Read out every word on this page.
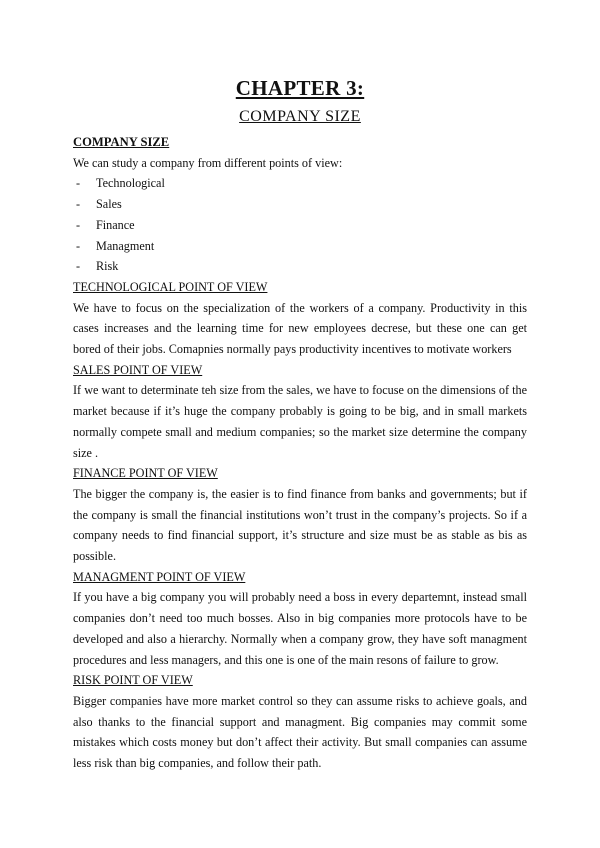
CHAPTER 3:
COMPANY SIZE
COMPANY SIZE
We can study a company from different points of view:
-	Technological
-	Sales
-	Finance
-	Managment
-	Risk
TECHNOLOGICAL POINT OF VIEW

We have to focus on the specialization of the workers of a company. Productivity in this cases increases and the learning time for new employees decrese, but these one can get bored of their jobs. Comapnies normally pays productivity incentives to motivate workers

SALES POINT OF VIEW

If we want to determinate teh size from the sales, we have to focuse on the dimensions of the market because if it’s huge the company probably is going to be big, and in small markets normally compete small and medium companies; so the market size determine the company size .

FINANCE POINT OF VIEW

The bigger the company is, the easier is to find finance from banks and governments; but if the company is small the financial institutions won’t trust in the company’s projects. So if a company needs to find financial support, it’s structure and size must be as stable as bis as possible.

MANAGMENT POINT OF VIEW

If you have a big company you will probably need a boss in every departemnt, instead small companies don’t need too much bosses. Also in big companies more protocols have to be developed and also a hierarchy. Normally when a company grow, they have soft managment procedures and less managers, and this one is one of the main resons of failure to grow.

RISK POINT OF VIEW

Bigger companies have more market control so they can assume risks to achieve goals, and also thanks to the financial support and managment. Big companies may commit some mistakes which costs money but don’t affect their activity. But small companies can assume less risk than big companies, and follow their path.
